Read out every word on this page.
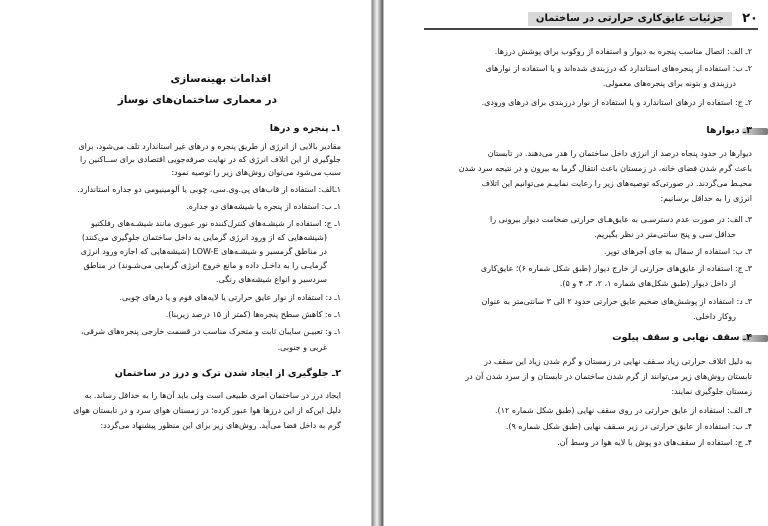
اقدامات بهینه‌سازی
در معماری ساختمان‌های نوساز
۱ـ پنجره و درها
مقادیر بالایی از انرژی از طریق پنجره و درهای غیر استاندارد تلف می‌شود، برای
جلوگیری از این اتلاف انرژی که در نهایت صرفه‌جویی اقتصادی برای ســاکنین را
سبب می‌شود می‌توان روش‌های زیر را توصیه نمود:
۱ـالف: استفاده از قاب‌های پی.وی.سی، چوبی یا آلومینیومی دو جداره استاندارد.
۱ـ ب: استفاده از پنجره یا شیشه‌های دو جداره.
۱ـ ج: استفاده از شیشـه‌های کنترل‌کننده نور عبوری مانند شیشـه‌های رفلکتیو
(شیشه‌هایی که از ورود انرژی گرمایی به داخل ساختمان جلوگیری می‌کنند)
در مناطق گرمسیر و شیشـه‌های LOW-E (شیشه‌هایی که اجازه ورود انرژی
گرمایـی را به داخـل داده و مانع خروج انرژی گرمایی می‌شـوند) در مناطق
سردسیر و انواع شیشه‌های رنگی.
۱ـ د: استفاده از نوار عایق حرارتی یا لایه‌های فوم و یا درهای چوبی.
۱ـ ه: کاهش سطح پنجره‌ها (کمتر از ۱۵ درصد زیربنا).
۱ـ و: تعبیـن سایبان ثابت و متحرک مناسب در قسمت خارجی پنجره‌های شرقی،
غربی و جنوبی.
۲ـ جلوگیری از ایجاد شدن ترک و درز در ساختمان
ایجاد درز در ساختمان امری طبیعی است ولی باید آن‌ها را به حداقل رساند. به
دلیل این‌که از این درزها هوا عبور کرده؛ در زمستان هوای سرد و در تابستان هوای
گرم به داخل فضا می‌آید. روش‌های زیر برای این منظور پیشنهاد می‌گردد:
جزئیات عایق‌کاری حرارتی در ساختمان	۲۰
۲ـ الف: اتصال مناسب پنجره به دیوار و استفاده از روکوب برای پوشش درزها.
۲ـ ب: استفاده از پنجره‌های استاندارد که درزبندی شده‌اند و یا استفاده از نوارهای
درزبندی و بتونه برای پنجره‌های معمولی.
۲ـ ج: استفاده از درهای استاندارد و یا استفاده از نوار درزبندی برای درهای ورودی.
۳ـ دیوارها
دیوارها در حدود پنجاه درصد از انرژی داخل ساختمان را هدر می‌دهند. در تابستان
باعث گرم شدن فضای خانه، در زمستان باعث انتقال گرما به بیرون و در نتیجه سرد شدن
محیـط می‌گردند. در صورتی‌که توصیه‌های زیر را رعایت نماییـم می‌توانیم این اتلاف
انرژی را به حداقل برسانیم:
۳ـ الف: در صورت عدم دسترسـی به عایق‌هـای حرارتی ضخامت دیوار بیرونی را
حداقل سی و پنج سانتی‌متر در نظر بگیریم.
۳ـ ب: استفاده از سفال به جای آجرهای توپر.
۳ـ ج: استفاده از عایق‌های حرارتی از خارج دیوار (طبق شکل شماره ۶)؛ عایق‌کاری
از داخل دیوار (طبق شکل‌های شماره ۱، ۲، ۳، ۴ و ۵).
۳ـ د: استفاده از پوشش‌های ضخیم عایق حرارتی حدود ۲ الی ۳ سانتی‌متر به عنوان
روکار داخلی.
۴ـ سقف نهایی و سقف پیلوت
به دلیل اتلاف حرارتی زیاد سـقف نهایی در زمستان و گرم شدن زیاد این سقف در
تابستان روش‌های زیر می‌توانند از گرم شدن ساختمان در تابستان و از سرد شدن آن در
زمستان جلوگیری نمایند:
۴ـ الف: استفاده از عایق حرارتی در روی سقف نهایی (طبق شکل شماره ۱۲).
۴ـ ب: استفاده از عایق حرارتی در زیر سـقف نهایی (طبق شکل شماره ۹).
۴ـ ج: استفاده از سقف‌های دو پوش با لایه هوا در وسط آن.
